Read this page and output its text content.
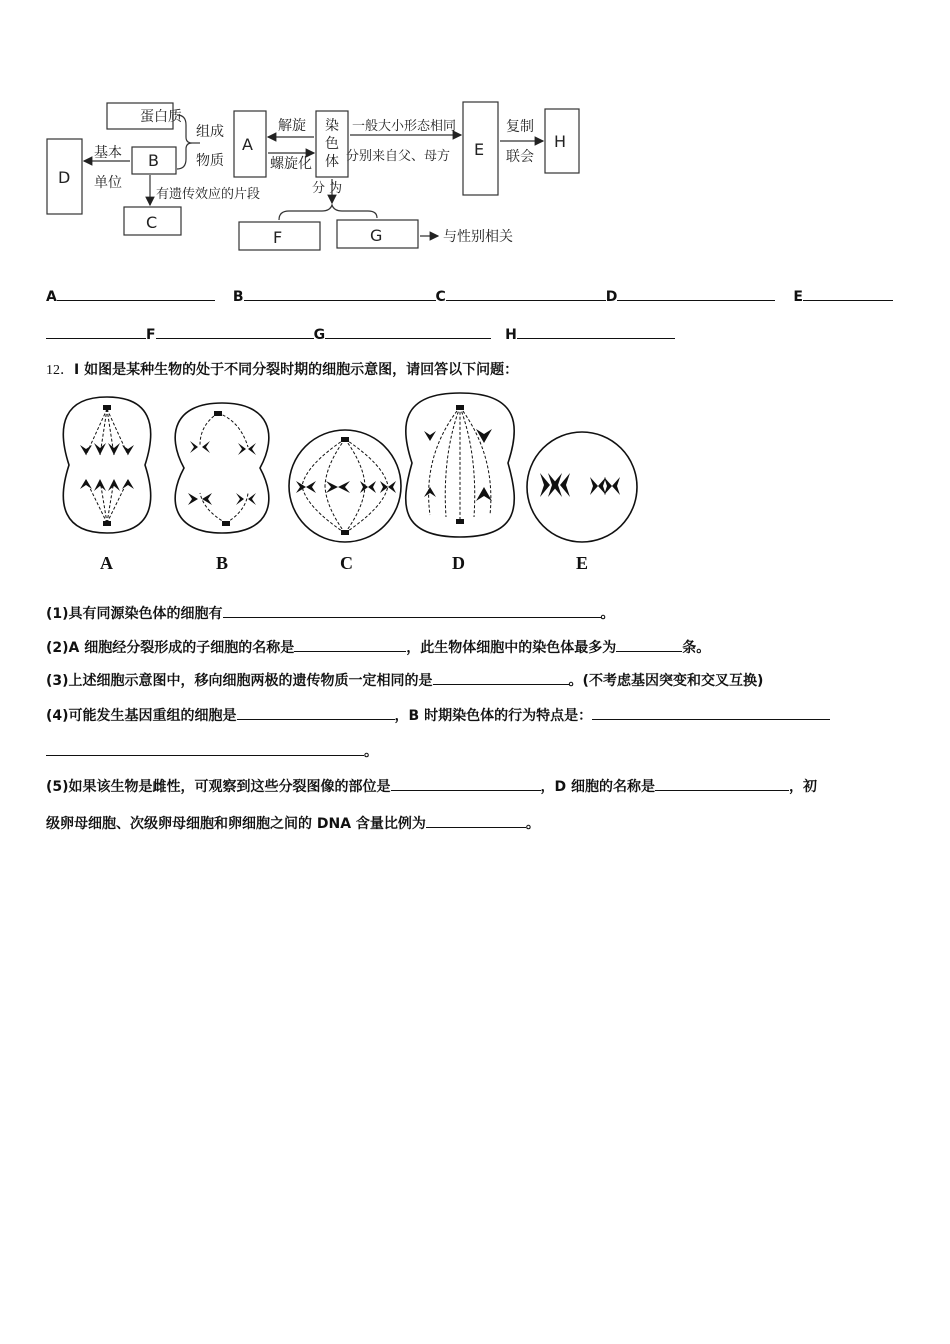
蛋白质
D
B
C
A
染
色
体
E	H
F	G
组成
物质
解旋
螺旋化
基本
单位
有遗传效应的片段
一般大小形态相同
分别来自父、母方
分 为
复制
联会
与性别相关
A	B	C	D	E
F	G	H
12．I 如图是某种生物的处于不同分裂时期的细胞示意图，请回答以下问题：
A	B	C	D	E
(1)具有同源染色体的细胞有	。
(2)A 细胞经分裂形成的子细胞的名称是	，此生物体细胞中的染色体最多为	条。
(3)上述细胞示意图中，移向细胞两极的遗传物质一定相同的是	。(不考虑基因突变和交叉互换)
(4)可能发生基因重组的细胞是	，B 时期染色体的行为特点是：
。
(5)如果该生物是雌性，可观察到这些分裂图像的部位是	，D 细胞的名称是	，初
级卵母细胞、次级卵母细胞和卵细胞之间的 DNA 含量比例为	。
